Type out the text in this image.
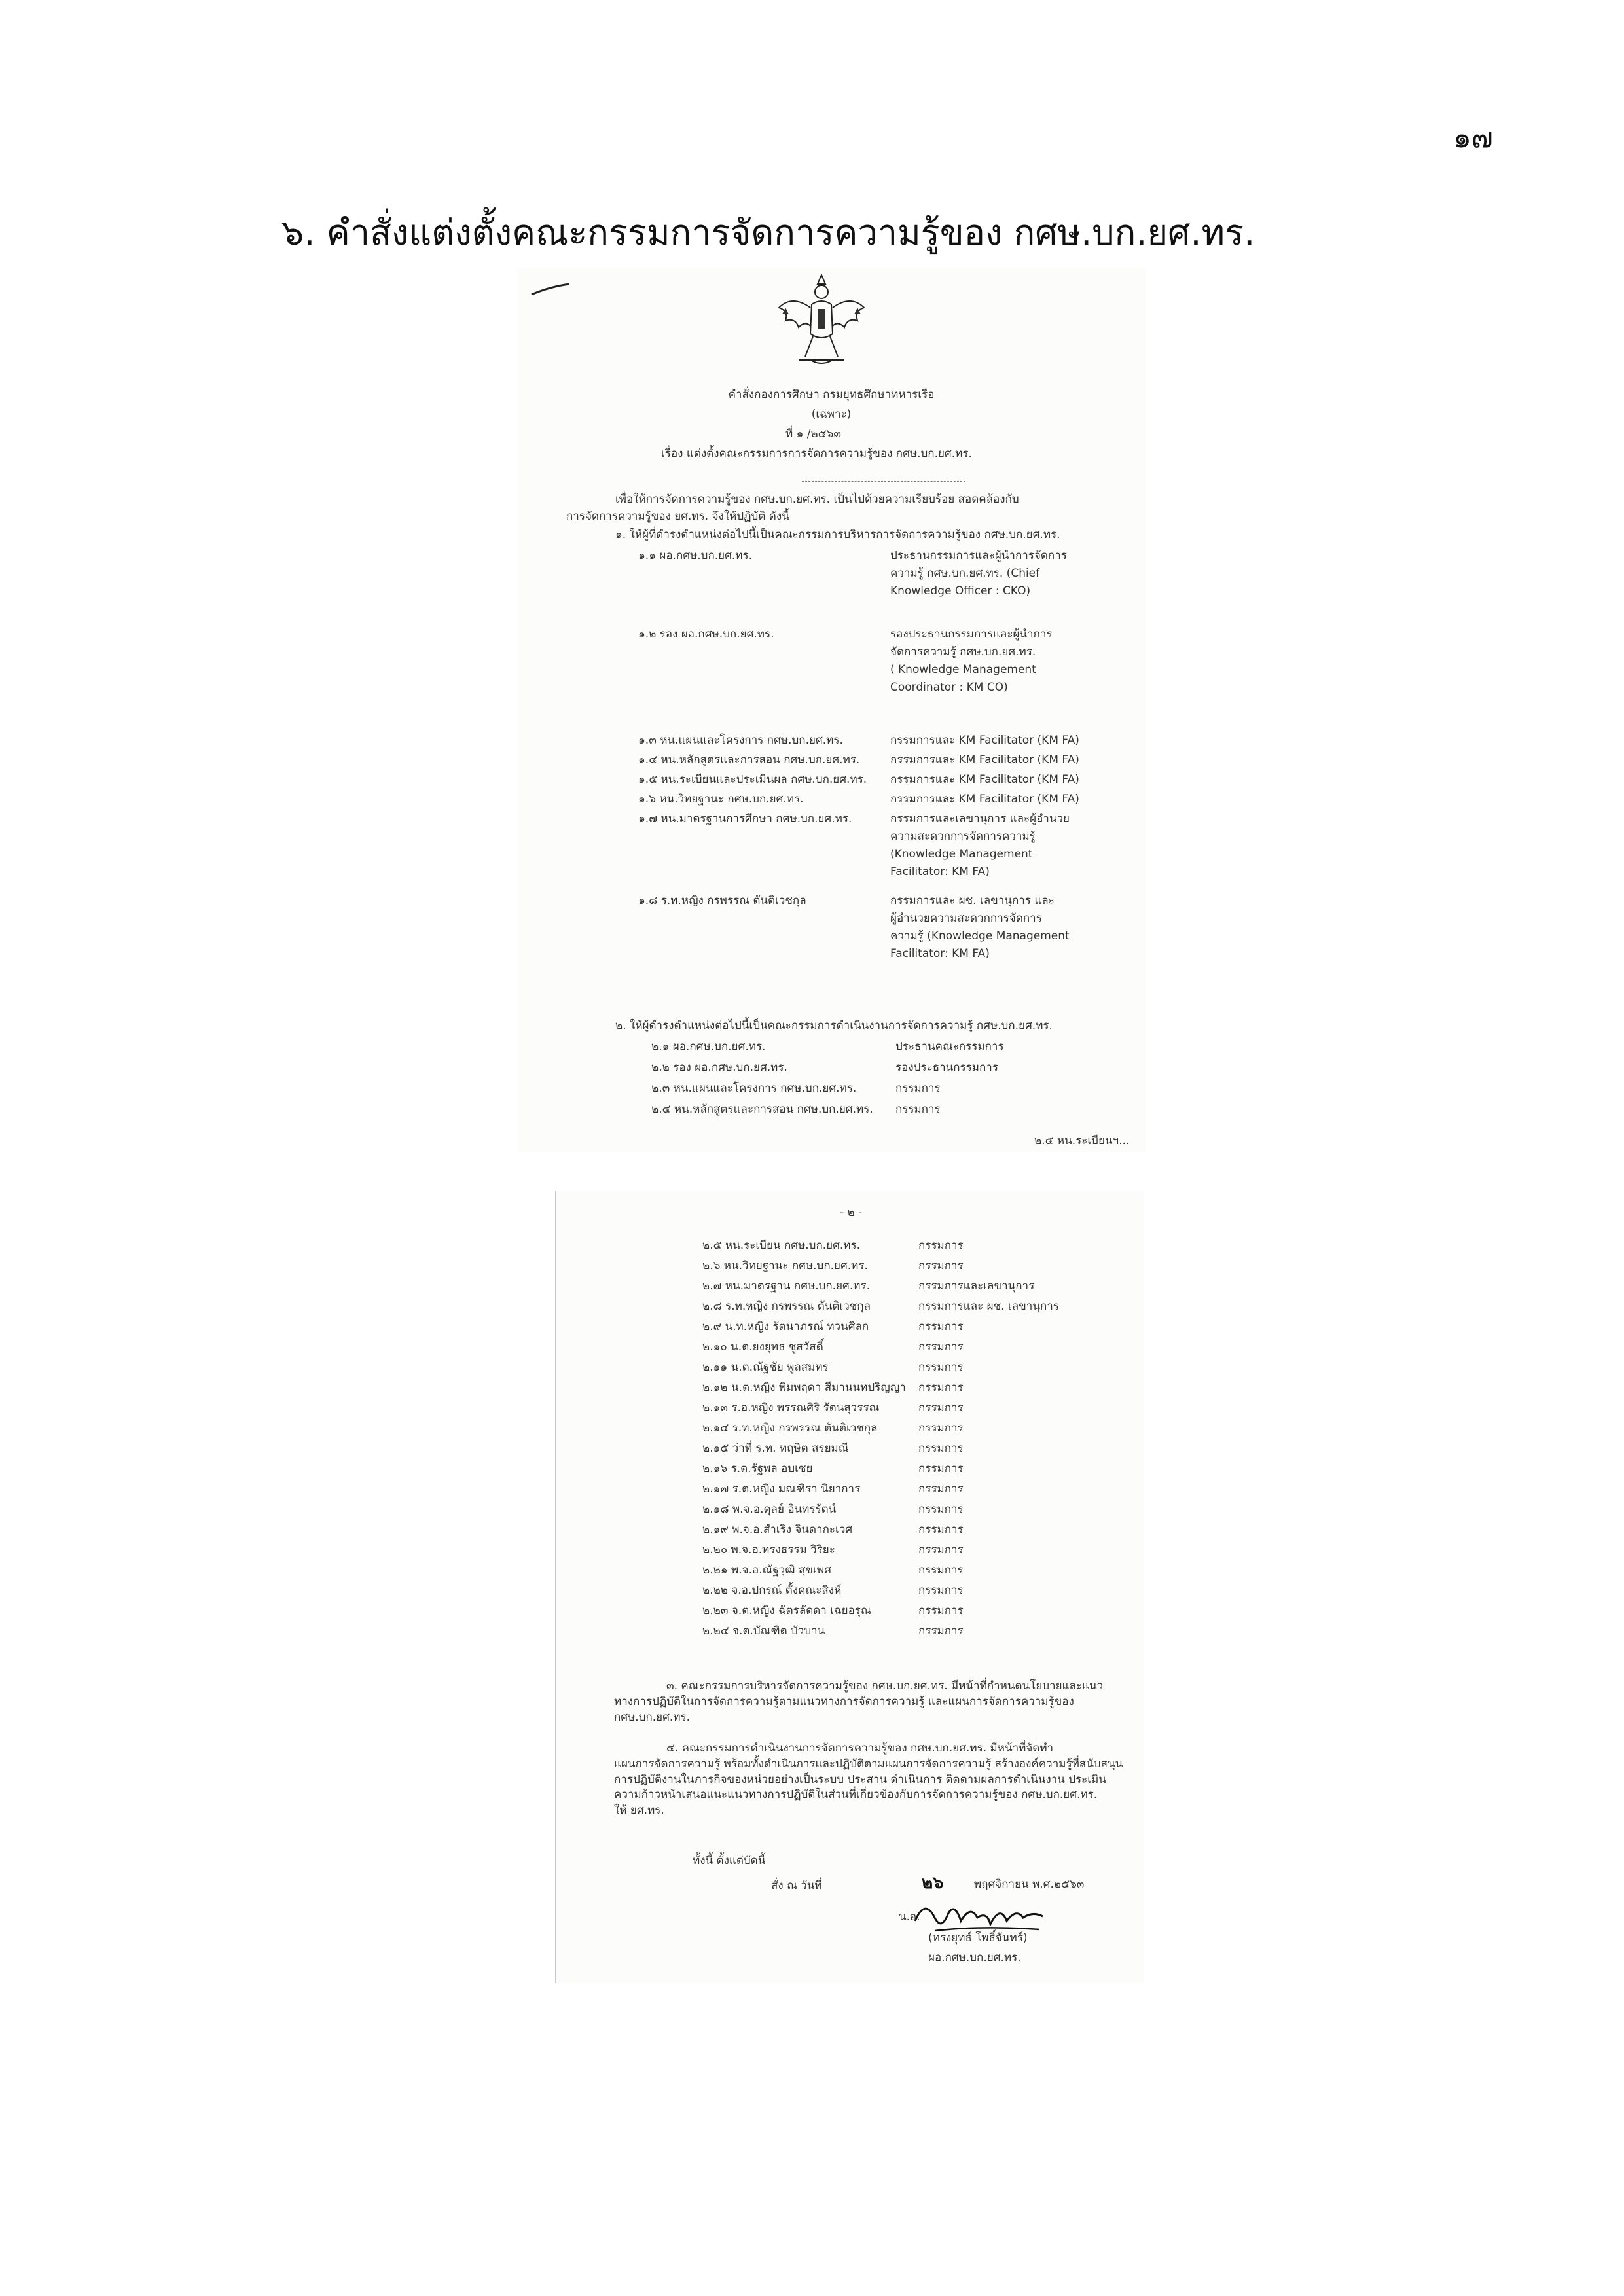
๑๗
๖. คำสั่งแต่งตั้งคณะกรรมการจัดการความรู้ของ กศษ.บก.ยศ.ทร.
คำสั่งกองการศึกษา กรมยุทธศึกษาทหารเรือ
(เฉพาะ)
ที่ ๑ /๒๕๖๓
เรื่อง แต่งตั้งคณะกรรมการการจัดการความรู้ของ กศษ.บก.ยศ.ทร.
เพื่อให้การจัดการความรู้ของ กศษ.บก.ยศ.ทร. เป็นไปด้วยความเรียบร้อย สอดคล้องกับ
การจัดการความรู้ของ ยศ.ทร. จึงให้ปฏิบัติ ดังนี้
๑. ให้ผู้ที่ดำรงตำแหน่งต่อไปนี้เป็นคณะกรรมการบริหารการจัดการความรู้ของ กศษ.บก.ยศ.ทร.
๑.๑ ผอ.กศษ.บก.ยศ.ทร.	ประธานกรรมการและผู้นำการจัดการ
ความรู้ กศษ.บก.ยศ.ทร. (Chief
Knowledge Officer : CKO)
๑.๒ รอง ผอ.กศษ.บก.ยศ.ทร.	รองประธานกรรมการและผู้นำการ
จัดการความรู้ กศษ.บก.ยศ.ทร.
( Knowledge Management
Coordinator : KM CO)
๑.๓ หน.แผนและโครงการ กศษ.บก.ยศ.ทร.	กรรมการและ KM Facilitator (KM FA)
๑.๔ หน.หลักสูตรและการสอน กศษ.บก.ยศ.ทร.	กรรมการและ KM Facilitator (KM FA)
๑.๕ หน.ระเบียนและประเมินผล กศษ.บก.ยศ.ทร. กรรมการและ KM Facilitator (KM FA)
๑.๖ หน.วิทยฐานะ กศษ.บก.ยศ.ทร.	กรรมการและ KM Facilitator (KM FA)
๑.๗ หน.มาตรฐานการศึกษา กศษ.บก.ยศ.ทร.	กรรมการและเลขานุการ และผู้อำนวย
ความสะดวกการจัดการความรู้
(Knowledge Management
Facilitator: KM FA)
๑.๘ ร.ท.หญิง กรพรรณ ตันติเวชกุล	กรรมการและ ผช. เลขานุการ และ
ผู้อำนวยความสะดวกการจัดการ
ความรู้ (Knowledge Management
Facilitator: KM FA)
๒. ให้ผู้ดำรงตำแหน่งต่อไปนี้เป็นคณะกรรมการดำเนินงานการจัดการความรู้ กศษ.บก.ยศ.ทร.
๒.๑ ผอ.กศษ.บก.ยศ.ทร.	ประธานคณะกรรมการ
๒.๒ รอง ผอ.กศษ.บก.ยศ.ทร.	รองประธานกรรมการ
๒.๓ หน.แผนและโครงการ กศษ.บก.ยศ.ทร.	กรรมการ
๒.๔ หน.หลักสูตรและการสอน กศษ.บก.ยศ.ทร. กรรมการ
๒.๕ หน.ระเบียนฯ...
- ๒ -
๒.๕ หน.ระเบียน กศษ.บก.ยศ.ทร.	กรรมการ
๒.๖ หน.วิทยฐานะ กศษ.บก.ยศ.ทร.	กรรมการ
๒.๗ หน.มาตรฐาน กศษ.บก.ยศ.ทร.	กรรมการและเลขานุการ
๒.๘ ร.ท.หญิง กรพรรณ ตันติเวชกุล	กรรมการและ ผช. เลขานุการ
๒.๙ น.ท.หญิง รัตนาภรณ์ ทวนศิลก	กรรมการ
๒.๑๐ น.ต.ยงยุทธ ชูสวัสดิ์	กรรมการ
๒.๑๑ น.ต.ณัฐชัย พูลสมทร	กรรมการ
๒.๑๒ น.ต.หญิง พิมพฤดา สีมานนทปริญญา กรรมการ
๒.๑๓ ร.อ.หญิง พรรณศิริ รัตนสุวรรณ	กรรมการ
๒.๑๔ ร.ท.หญิง กรพรรณ ตันติเวชกุล	กรรมการ
๒.๑๕ ว่าที่ ร.ท. ทฤษิต สรยมณี	กรรมการ
๒.๑๖ ร.ต.รัฐพล อบเชย	กรรมการ
๒.๑๗ ร.ต.หญิง มณฑิรา นิยาการ	กรรมการ
๒.๑๘ พ.จ.อ.ดุลย์ อินทรรัตน์	กรรมการ
๒.๑๙ พ.จ.อ.สำเริง จินดากะเวศ	กรรมการ
๒.๒๐ พ.จ.อ.ทรงธรรม วิริยะ	กรรมการ
๒.๒๑ พ.จ.อ.ณัฐวุฒิ สุขเพศ	กรรมการ
๒.๒๒ จ.อ.ปกรณ์ ตั้งคณะสิงห์	กรรมการ
๒.๒๓ จ.ต.หญิง ฉัตรลัดดา เฉยอรุณ	กรรมการ
๒.๒๔ จ.ต.บัณฑิต บัวบาน	กรรมการ
๓. คณะกรรมการบริหารจัดการความรู้ของ กศษ.บก.ยศ.ทร. มีหน้าที่กำหนดนโยบายและแนว
ทางการปฏิบัติในการจัดการความรู้ตามแนวทางการจัดการความรู้ และแผนการจัดการความรู้ของ
กศษ.บก.ยศ.ทร.
๔. คณะกรรมการดำเนินงานการจัดการความรู้ของ กศษ.บก.ยศ.ทร. มีหน้าที่จัดทำ
แผนการจัดการความรู้ พร้อมทั้งดำเนินการและปฏิบัติตามแผนการจัดการความรู้ สร้างองค์ความรู้ที่สนับสนุน
การปฏิบัติงานในภารกิจของหน่วยอย่างเป็นระบบ ประสาน ดำเนินการ ติดตามผลการดำเนินงาน ประเมิน
ความก้าวหน้าเสนอแนะแนวทางการปฏิบัติในส่วนที่เกี่ยวข้องกับการจัดการความรู้ของ กศษ.บก.ยศ.ทร.
ให้ ยศ.ทร.
ทั้งนี้ ตั้งแต่บัดนี้
สั่ง ณ วันที่	๒๖	พฤศจิกายน พ.ศ.๒๕๖๓
น.อ.
(ทรงยุทธ์ โพธิ์จันทร์)
ผอ.กศษ.บก.ยศ.ทร.
